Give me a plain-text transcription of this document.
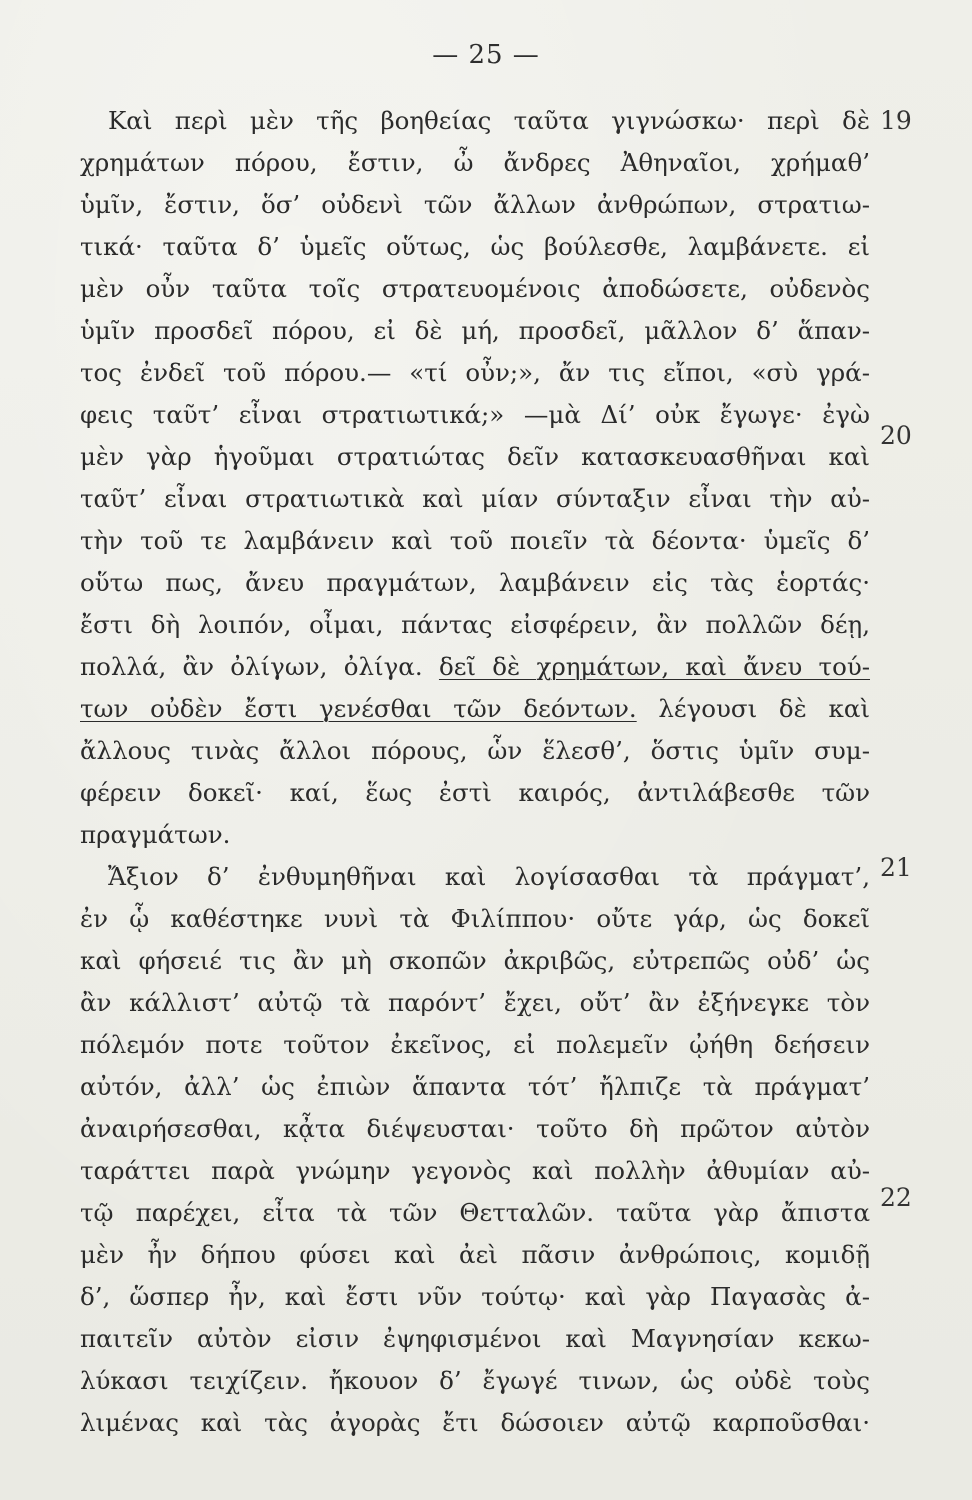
— 25 —
19
20
21
22
Καὶ περὶ μὲν τῆς βοηθείας ταῦτα γιγνώσκω· περὶ δὲ
χρημάτων πόρου, ἔστιν, ὦ ἄνδρες Ἀθηναῖοι, χρήμαθ’
ὑμῖν, ἔστιν, ὅσ’ οὐδενὶ τῶν ἄλλων ἀνθρώπων, στρατιω-
τικά· ταῦτα δ’ ὑμεῖς οὕτως, ὡς βούλεσθε, λαμβάνετε. εἰ
μὲν οὖν ταῦτα τοῖς στρατευομένοις ἀποδώσετε, οὐδενὸς
ὑμῖν προσδεῖ πόρου, εἰ δὲ μή, προσδεῖ, μᾶλλον δ’ ἅπαν-
τος ἐνδεῖ τοῦ πόρου.— «τί οὖν;», ἄν τις εἴποι, «σὺ γρά-
φεις ταῦτ’ εἶναι στρατιωτικά;» —μὰ Δί’ οὐκ ἔγωγε· ἐγὼ
μὲν γὰρ ἡγοῦμαι στρατιώτας δεῖν κατασκευασθῆναι καὶ
ταῦτ’ εἶναι στρατιωτικὰ καὶ μίαν σύνταξιν εἶναι τὴν αὐ-
τὴν τοῦ τε λαμβάνειν καὶ τοῦ ποιεῖν τὰ δέοντα· ὑμεῖς δ’
οὕτω πως, ἄνευ πραγμάτων, λαμβάνειν εἰς τὰς ἑορτάς·
ἔστι δὴ λοιπόν, οἶμαι, πάντας εἰσφέρειν, ἂν πολλῶν δέῃ,
πολλά, ἂν ὀλίγων, ὀλίγα. δεῖ δὲ χρημάτων, καὶ ἄνευ τού-
των οὐδὲν ἔστι γενέσθαι τῶν δεόντων. λέγουσι δὲ καὶ
ἄλλους τινὰς ἄλλοι πόρους, ὧν ἕλεσθ’, ὅστις ὑμῖν συμ-
φέρειν δοκεῖ· καί, ἕως ἐστὶ καιρός, ἀντιλάβεσθε τῶν
πραγμάτων.
Ἄξιον δ’ ἐνθυμηθῆναι καὶ λογίσασθαι τὰ πράγματ’,
ἐν ᾧ καθέστηκε νυνὶ τὰ Φιλίππου· οὔτε γάρ, ὡς δοκεῖ
καὶ φήσειέ τις ἂν μὴ σκοπῶν ἀκριβῶς, εὐτρεπῶς οὐδ’ ὡς
ἂν κάλλιστ’ αὐτῷ τὰ παρόντ’ ἔχει, οὔτ’ ἂν ἐξήνεγκε τὸν
πόλεμόν ποτε τοῦτον ἐκεῖνος, εἰ πολεμεῖν ᾠήθη δεήσειν
αὐτόν, ἀλλ’ ὡς ἐπιὼν ἅπαντα τότ’ ἤλπιζε τὰ πράγματ’
ἀναιρήσεσθαι, κᾆτα διέψευσται· τοῦτο δὴ πρῶτον αὐτὸν
ταράττει παρὰ γνώμην γεγονὸς καὶ πολλὴν ἀθυμίαν αὐ-
τῷ παρέχει, εἶτα τὰ τῶν Θετταλῶν. ταῦτα γὰρ ἄπιστα
μὲν ἦν δήπου φύσει καὶ ἀεὶ πᾶσιν ἀνθρώποις, κομιδῇ
δ’, ὥσπερ ἦν, καὶ ἔστι νῦν τούτῳ· καὶ γὰρ Παγασὰς ἀ-
παιτεῖν αὐτὸν εἰσιν ἐψηφισμένοι καὶ Μαγνησίαν κεκω-
λύκασι τειχίζειν. ἤκουον δ’ ἔγωγέ τινων, ὡς οὐδὲ τοὺς
λιμένας καὶ τὰς ἀγορὰς ἔτι δώσοιεν αὐτῷ καρποῦσθαι·
